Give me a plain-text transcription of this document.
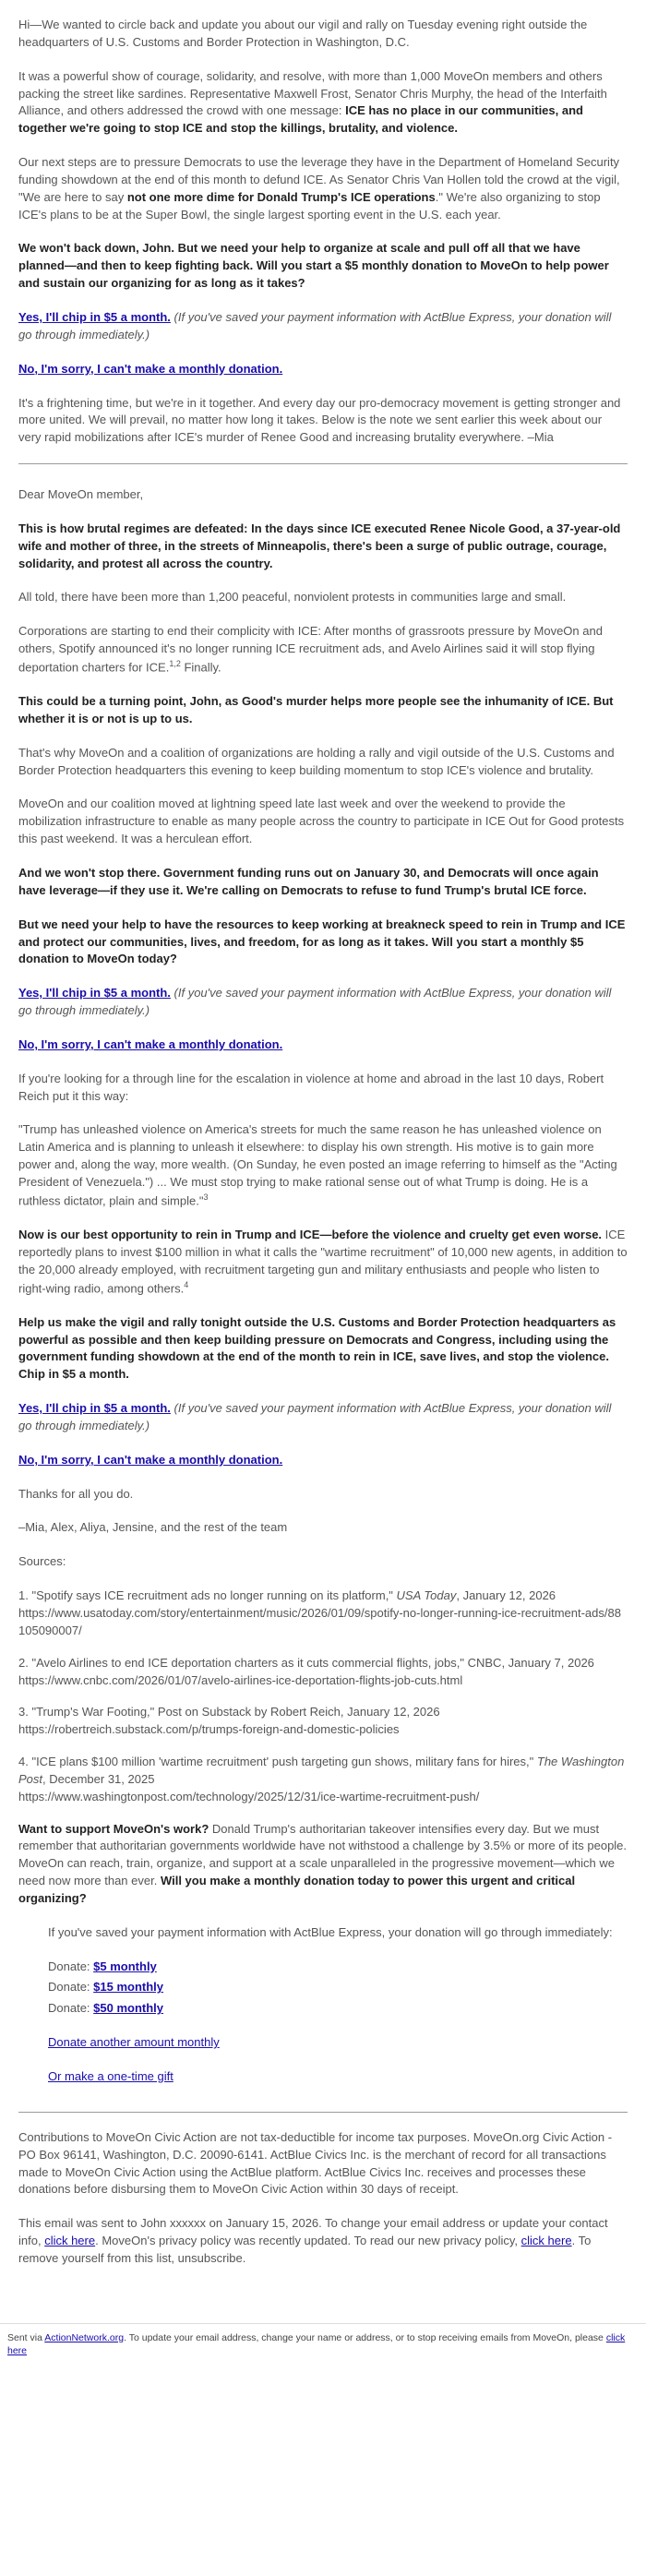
Hi—We wanted to circle back and update you about our vigil and rally on Tuesday evening right outside the headquarters of U.S. Customs and Border Protection in Washington, D.C.

It was a powerful show of courage, solidarity, and resolve, with more than 1,000 MoveOn members and others packing the street like sardines. Representative Maxwell Frost, Senator Chris Murphy, the head of the Interfaith Alliance, and others addressed the crowd with one message: ICE has no place in our communities, and together we're going to stop ICE and stop the killings, brutality, and violence.

Our next steps are to pressure Democrats to use the leverage they have in the Department of Homeland Security funding showdown at the end of this month to defund ICE. As Senator Chris Van Hollen told the crowd at the vigil, "We are here to say not one more dime for Donald Trump's ICE operations." We're also organizing to stop ICE's plans to be at the Super Bowl, the single largest sporting event in the U.S. each year.

We won't back down, John. But we need your help to organize at scale and pull off all that we have planned—and then to keep fighting back. Will you start a $5 monthly donation to MoveOn to help power and sustain our organizing for as long as it takes?

Yes, I'll chip in $5 a month. (If you've saved your payment information with ActBlue Express, your donation will go through immediately.)

No, I'm sorry, I can't make a monthly donation.

It's a frightening time, but we're in it together. And every day our pro-democracy movement is getting stronger and more united. We will prevail, no matter how long it takes. Below is the note we sent earlier this week about our very rapid mobilizations after ICE's murder of Renee Good and increasing brutality everywhere. –Mia

Dear MoveOn member,

This is how brutal regimes are defeated: In the days since ICE executed Renee Nicole Good, a 37-year-old wife and mother of three, in the streets of Minneapolis, there's been a surge of public outrage, courage, solidarity, and protest all across the country.

All told, there have been more than 1,200 peaceful, nonviolent protests in communities large and small.

Corporations are starting to end their complicity with ICE: After months of grassroots pressure by MoveOn and others, Spotify announced it's no longer running ICE recruitment ads, and Avelo Airlines said it will stop flying deportation charters for ICE.$^{1,2}$ Finally.

This could be a turning point, John, as Good's murder helps more people see the inhumanity of ICE. But whether it is or not is up to us.

That's why MoveOn and a coalition of organizations are holding a rally and vigil outside of the U.S. Customs and Border Protection headquarters this evening to keep building momentum to stop ICE's violence and brutality.

MoveOn and our coalition moved at lightning speed late last week and over the weekend to provide the mobilization infrastructure to enable as many people across the country to participate in ICE Out for Good protests this past weekend. It was a herculean effort.

And we won't stop there. Government funding runs out on January 30, and Democrats will once again have leverage—if they use it. We're calling on Democrats to refuse to fund Trump's brutal ICE force.

But we need your help to have the resources to keep working at breakneck speed to rein in Trump and ICE and protect our communities, lives, and freedom, for as long as it takes. Will you start a monthly $5 donation to MoveOn today?

Yes, I'll chip in $5 a month. (If you've saved your payment information with ActBlue Express, your donation will go through immediately.)

No, I'm sorry, I can't make a monthly donation.

If you're looking for a through line for the escalation in violence at home and abroad in the last 10 days, Robert Reich put it this way:

"Trump has unleashed violence on America's streets for much the same reason he has unleashed violence on Latin America and is planning to unleash it elsewhere: to display his own strength. His motive is to gain more power and, along the way, more wealth. (On Sunday, he even posted an image referring to himself as the "Acting President of Venezuela.") ... We must stop trying to make rational sense out of what Trump is doing. He is a ruthless dictator, plain and simple."$^3$

Now is our best opportunity to rein in Trump and ICE—before the violence and cruelty get even worse. ICE reportedly plans to invest $100 million in what it calls the "wartime recruitment" of 10,000 new agents, in addition to the 20,000 already employed, with recruitment targeting gun and military enthusiasts and people who listen to right-wing radio, among others.$^4$

Help us make the vigil and rally tonight outside the U.S. Customs and Border Protection headquarters as powerful as possible and then keep building pressure on Democrats and Congress, including using the government funding showdown at the end of the month to rein in ICE, save lives, and stop the violence. Chip in $5 a month.

Yes, I'll chip in $5 a month. (If you've saved your payment information with ActBlue Express, your donation will go through immediately.)

No, I'm sorry, I can't make a monthly donation.

Thanks for all you do.

–Mia, Alex, Aliya, Jensine, and the rest of the team

Sources:

1. "Spotify says ICE recruitment ads no longer running on its platform," USA Today, January 12, 2026
https://www.usatoday.com/story/entertainment/music/2026/01/09/spotify-no-longer-running-ice-recruitment-ads/88105090007/
2. "Avelo Airlines to end ICE deportation charters as it cuts commercial flights, jobs," CNBC, January 7, 2026
https://www.cnbc.com/2026/01/07/avelo-airlines-ice-deportation-flights-job-cuts.html
3. "Trump's War Footing," Post on Substack by Robert Reich, January 12, 2026
https://robertreich.substack.com/p/trumps-foreign-and-domestic-policies
4. "ICE plans $100 million 'wartime recruitment' push targeting gun shows, military fans for hires," The Washington Post, December 31, 2025
https://www.washingtonpost.com/technology/2025/12/31/ice-wartime-recruitment-push/

Want to support MoveOn's work? Donald Trump's authoritarian takeover intensifies every day. But we must remember that authoritarian governments worldwide have not withstood a challenge by 3.5% or more of its people. MoveOn can reach, train, organize, and support at a scale unparalleled in the progressive movement—which we need now more than ever. Will you make a monthly donation today to power this urgent and critical organizing?

If you've saved your payment information with ActBlue Express, your donation will go through immediately:

Donate: $5 monthly
Donate: $15 monthly
Donate: $50 monthly

Donate another amount monthly

Or make a one-time gift

Contributions to MoveOn Civic Action are not tax-deductible for income tax purposes. MoveOn.org Civic Action - PO Box 96141, Washington, D.C. 20090-6141. ActBlue Civics Inc. is the merchant of record for all transactions made to MoveOn Civic Action using the ActBlue platform. ActBlue Civics Inc. receives and processes these donations before disbursing them to MoveOn Civic Action within 30 days of receipt.

This email was sent to John xxxxxx on January 15, 2026. To change your email address or update your contact info, click here. MoveOn's privacy policy was recently updated. To read our new privacy policy, click here. To remove yourself from this list, unsubscribe.

Sent via ActionNetwork.org. To update your email address, change your name or address, or to stop receiving emails from MoveOn, please click here
